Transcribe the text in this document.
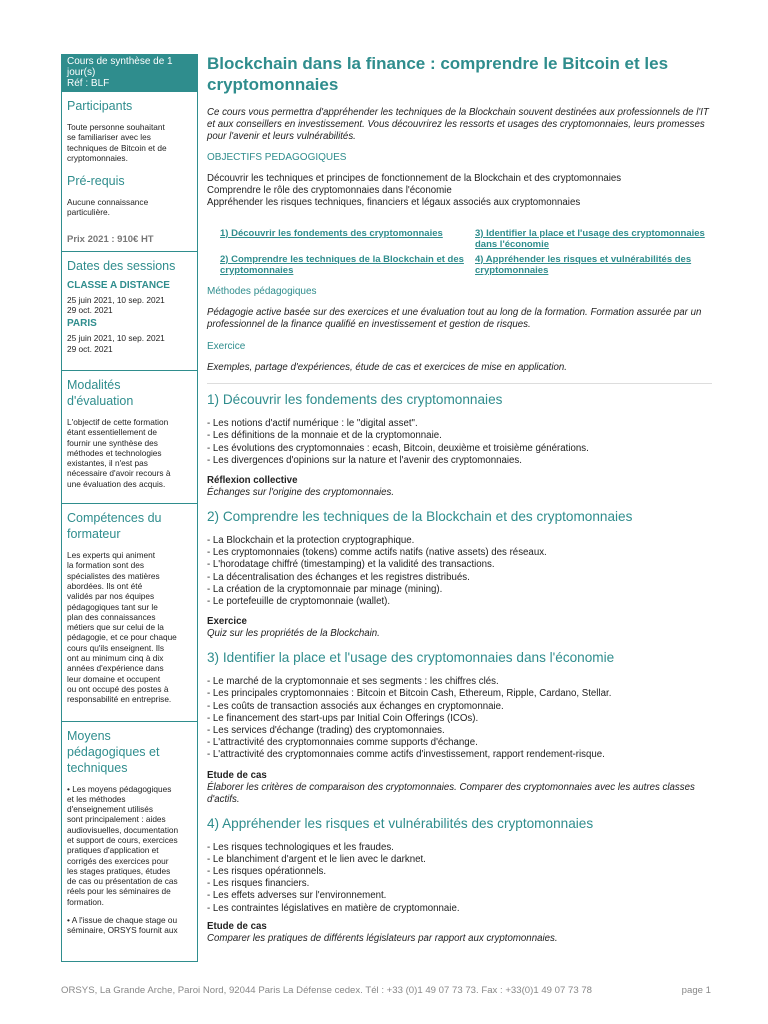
Cours de synthèse de 1 jour(s)
Réf : BLF
Participants
Toute personne souhaitant
se familiariser avec les
techniques de Bitcoin et de
cryptomonnaies.
Pré-requis
Aucune connaissance
particulière.
Prix 2021 : 910€ HT
Dates des sessions
CLASSE A DISTANCE
25 juin 2021, 10 sep. 2021
29 oct. 2021
PARIS
25 juin 2021, 10 sep. 2021
29 oct. 2021
Modalités
d'évaluation
L'objectif de cette formation
étant essentiellement de
fournir une synthèse des
méthodes et technologies
existantes, il n'est pas
nécessaire d'avoir recours à
une évaluation des acquis.
Compétences du
formateur
Les experts qui animent
la formation sont des
spécialistes des matières
abordées. Ils ont été
validés par nos équipes
pédagogiques tant sur le
plan des connaissances
métiers que sur celui de la
pédagogie, et ce pour chaque
cours qu'ils enseignent. Ils
ont au minimum cinq à dix
années d'expérience dans
leur domaine et occupent
ou ont occupé des postes à
responsabilité en entreprise.
Moyens
pédagogiques et
techniques
• Les moyens pédagogiques
et les méthodes
d'enseignement utilisés
sont principalement : aides
audiovisuelles, documentation
et support de cours, exercices
pratiques d'application et
corrigés des exercices pour
les stages pratiques, études
de cas ou présentation de cas
réels pour les séminaires de
formation.
• A l'issue de chaque stage ou
séminaire, ORSYS fournit aux
Blockchain dans la finance : comprendre le Bitcoin et les cryptomonnaies

Ce cours vous permettra d'appréhender les techniques de la Blockchain souvent destinées aux professionnels de l'IT et aux conseillers en investissement. Vous découvrirez les ressorts et usages des cryptomonnaies, leurs promesses pour l'avenir et leurs vulnérabilités.

OBJECTIFS PEDAGOGIQUES
Découvrir les techniques et principes de fonctionnement de la Blockchain et des cryptomonnaies
Comprendre le rôle des cryptomonnaies dans l'économie
Appréhender les risques techniques, financiers et légaux associés aux cryptomonnaies
1) Découvrir les fondements des cryptomonnaies	3) Identifier la place et l'usage des cryptomonnaies dans l'économie
2) Comprendre les techniques de la Blockchain et des cryptomonnaies
4) Appréhender les risques et vulnérabilités des cryptomonnaies
Méthodes pédagogiques

Pédagogie active basée sur des exercices et une évaluation tout au long de la formation. Formation assurée par un professionnel de la finance qualifié en investissement et gestion de risques.

Exercice

Exemples, partage d'expériences, étude de cas et exercices de mise en application.

1) Découvrir les fondements des cryptomonnaies
- Les notions d'actif numérique : le "digital asset".
- Les définitions de la monnaie et de la cryptomonnaie.
- Les évolutions des cryptomonnaies : ecash, Bitcoin, deuxième et troisième générations.
- Les divergences d'opinions sur la nature et l'avenir des cryptomonnaies.
Réflexion collective
Échanges sur l'origine des cryptomonnaies.
2) Comprendre les techniques de la Blockchain et des cryptomonnaies
- La Blockchain et la protection cryptographique.
- Les cryptomonnaies (tokens) comme actifs natifs (native assets) des réseaux.
- L'horodatage chiffré (timestamping) et la validité des transactions.
- La décentralisation des échanges et les registres distribués.
- La création de la cryptomonnaie par minage (mining).
- Le portefeuille de cryptomonnaie (wallet).
Exercice
Quiz sur les propriétés de la Blockchain.
3) Identifier la place et l'usage des cryptomonnaies dans l'économie
- Le marché de la cryptomonnaie et ses segments : les chiffres clés.
- Les principales cryptomonnaies : Bitcoin et Bitcoin Cash, Ethereum, Ripple, Cardano, Stellar.
- Les coûts de transaction associés aux échanges en cryptomonnaie.
- Le financement des start-ups par Initial Coin Offerings (ICOs).
- Les services d'échange (trading) des cryptomonnaies.
- L'attractivité des cryptomonnaies comme supports d'échange.
- L'attractivité des cryptomonnaies comme actifs d'investissement, rapport rendement-risque.
Etude de cas
Élaborer les critères de comparaison des cryptomonnaies. Comparer des cryptomonnaies avec les autres classes d'actifs.
4) Appréhender les risques et vulnérabilités des cryptomonnaies
- Les risques technologiques et les fraudes.
- Le blanchiment d'argent et le lien avec le darknet.
- Les risques opérationnels.
- Les risques financiers.
- Les effets adverses sur l'environnement.
- Les contraintes législatives en matière de cryptomonnaie.
Etude de cas
Comparer les pratiques de différents législateurs par rapport aux cryptomonnaies.
ORSYS, La Grande Arche, Paroi Nord, 92044 Paris La Défense cedex. Tél : +33 (0)1 49 07 73 73. Fax : +33(0)1 49 07 73 78	page 1
